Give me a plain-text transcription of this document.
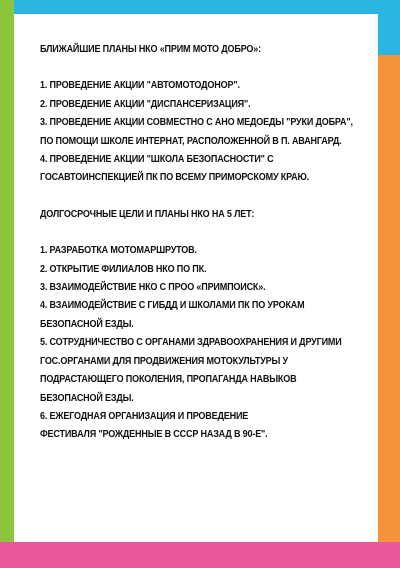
БЛИЖАЙШИЕ ПЛАНЫ НКО «ПРИМ МОТО ДОБРО»:
1. ПРОВЕДЕНИЕ АКЦИИ "АВТОМОТОДОНОР".
2. ПРОВЕДЕНИЕ АКЦИИ "ДИСПАНСЕРИЗАЦИЯ".
3. ПРОВЕДЕНИЕ АКЦИИ СОВМЕСТНО С АНО МЕДОЕДЫ "РУКИ ДОБРА",
ПО ПОМОЩИ ШКОЛЕ ИНТЕРНАТ, РАСПОЛОЖЕННОЙ В П. АВАНГАРД.
4. ПРОВЕДЕНИЕ АКЦИИ "ШКОЛА БЕЗОПАСНОСТИ" С
ГОСАВТОИНСПЕКЦИЕЙ ПК ПО ВСЕМУ ПРИМОРСКОМУ КРАЮ.
ДОЛГОСРОЧНЫЕ ЦЕЛИ И ПЛАНЫ НКО НА 5 ЛЕТ:
1. РАЗРАБОТКА МОТОМАРШРУТОВ.
2. ОТКРЫТИЕ ФИЛИАЛОВ НКО ПО ПК.
3. ВЗАИМОДЕЙСТВИЕ НКО С ПРОО «ПРИМПОИСК».
4. ВЗАИМОДЕЙСТВИЕ С ГИБДД И ШКОЛАМИ ПК ПО УРОКАМ
БЕЗОПАСНОЙ ЕЗДЫ.
5. СОТРУДНИЧЕСТВО С ОРГАНАМИ ЗДРАВООХРАНЕНИЯ И ДРУГИМИ
ГОС.ОРГАНАМИ ДЛЯ ПРОДВИЖЕНИЯ МОТОКУЛЬТУРЫ У
ПОДРАСТАЮЩЕГО ПОКОЛЕНИЯ, ПРОПАГАНДА НАВЫКОВ
БЕЗОПАСНОЙ ЕЗДЫ.
6. ЕЖЕГОДНАЯ ОРГАНИЗАЦИЯ И ПРОВЕДЕНИЕ
ФЕСТИВАЛЯ "РОЖДЕННЫЕ В СССР НАЗАД В 90-Е".
